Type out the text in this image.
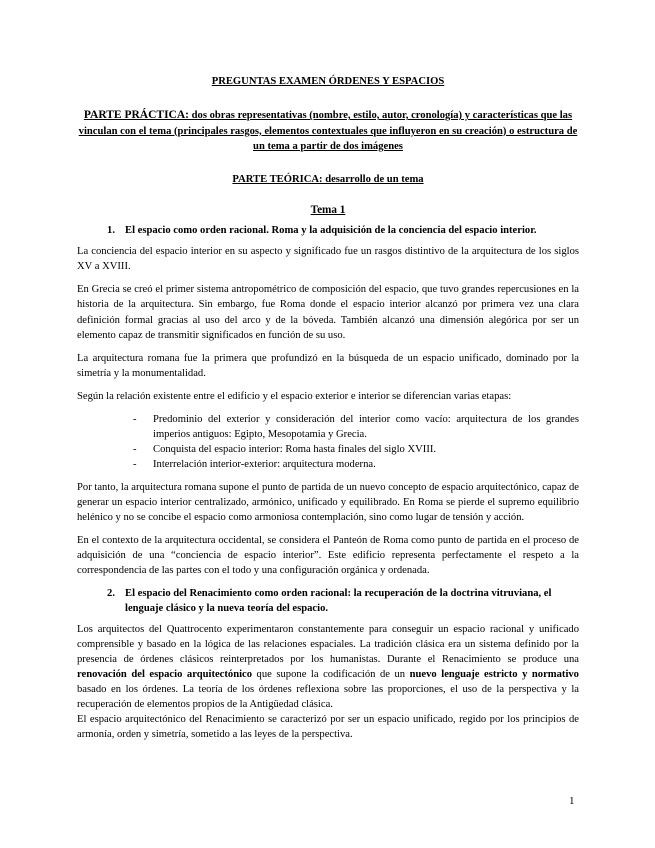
PREGUNTAS EXAMEN ÓRDENES Y ESPACIOS
PARTE PRÁCTICA: dos obras representativas (nombre, estilo, autor, cronología) y características que las vinculan con el tema (principales rasgos, elementos contextuales que influyeron en su creación) o estructura de un tema a partir de dos imágenes
PARTE TEÓRICA: desarrollo de un tema
Tema 1
1. El espacio como orden racional. Roma y la adquisición de la conciencia del espacio interior.

La conciencia del espacio interior en su aspecto y significado fue un rasgos distintivo de la arquitectura de los siglos XV a XVIII.

En Grecia se creó el primer sistema antropométrico de composición del espacio, que tuvo grandes repercusiones en la historia de la arquitectura. Sin embargo, fue Roma donde el espacio interior alcanzó por primera vez una clara definición formal gracias al uso del arco y de la bóveda. También alcanzó una dimensión alegórica por ser un elemento capaz de transmitir significados en función de su uso.

La arquitectura romana fue la primera que profundizó en la búsqueda de un espacio unificado, dominado por la simetría y la monumentalidad.

Según la relación existente entre el edificio y el espacio exterior e interior se diferencian varias etapas:

-	Predominio del exterior y consideración del interior como vacío: arquitectura de los grandes imperios antiguos: Egipto, Mesopotamia y Grecia.
-	Conquista del espacio interior: Roma hasta finales del siglo XVIII.
-	Interrelación interior-exterior: arquitectura moderna.

Por tanto, la arquitectura romana supone el punto de partida de un nuevo concepto de espacio arquitectónico, capaz de generar un espacio interior centralizado, armónico, unificado y equilibrado. En Roma se pierde el supremo equilibrio helénico y no se concibe el espacio como armoniosa contemplación, sino como lugar de tensión y acción.

En el contexto de la arquitectura occidental, se considera el Panteón de Roma como punto de partida en el proceso de adquisición de una “conciencia de espacio interior”. Este edificio representa perfectamente el respeto a la correspondencia de las partes con el todo y una configuración orgánica y ordenada.

2. El espacio del Renacimiento como orden racional: la recuperación de la doctrina vitruviana, el lenguaje clásico y la nueva teoría del espacio.

Los arquitectos del Quattrocento experimentaron constantemente para conseguir un espacio racional y unificado comprensible y basado en la lógica de las relaciones espaciales. La tradición clásica era un sistema definido por la presencia de órdenes clásicos reinterpretados por los humanistas. Durante el Renacimiento se produce una renovación del espacio arquitectónico que supone la codificación de un nuevo lenguaje estricto y normativo basado en los órdenes. La teoría de los órdenes reflexiona sobre las proporciones, el uso de la perspectiva y la recuperación de elementos propios de la Antigüedad clásica.

El espacio arquitectónico del Renacimiento se caracterizó por ser un espacio unificado, regido por los principios de armonía, orden y simetría, sometido a las leyes de la perspectiva.

1
